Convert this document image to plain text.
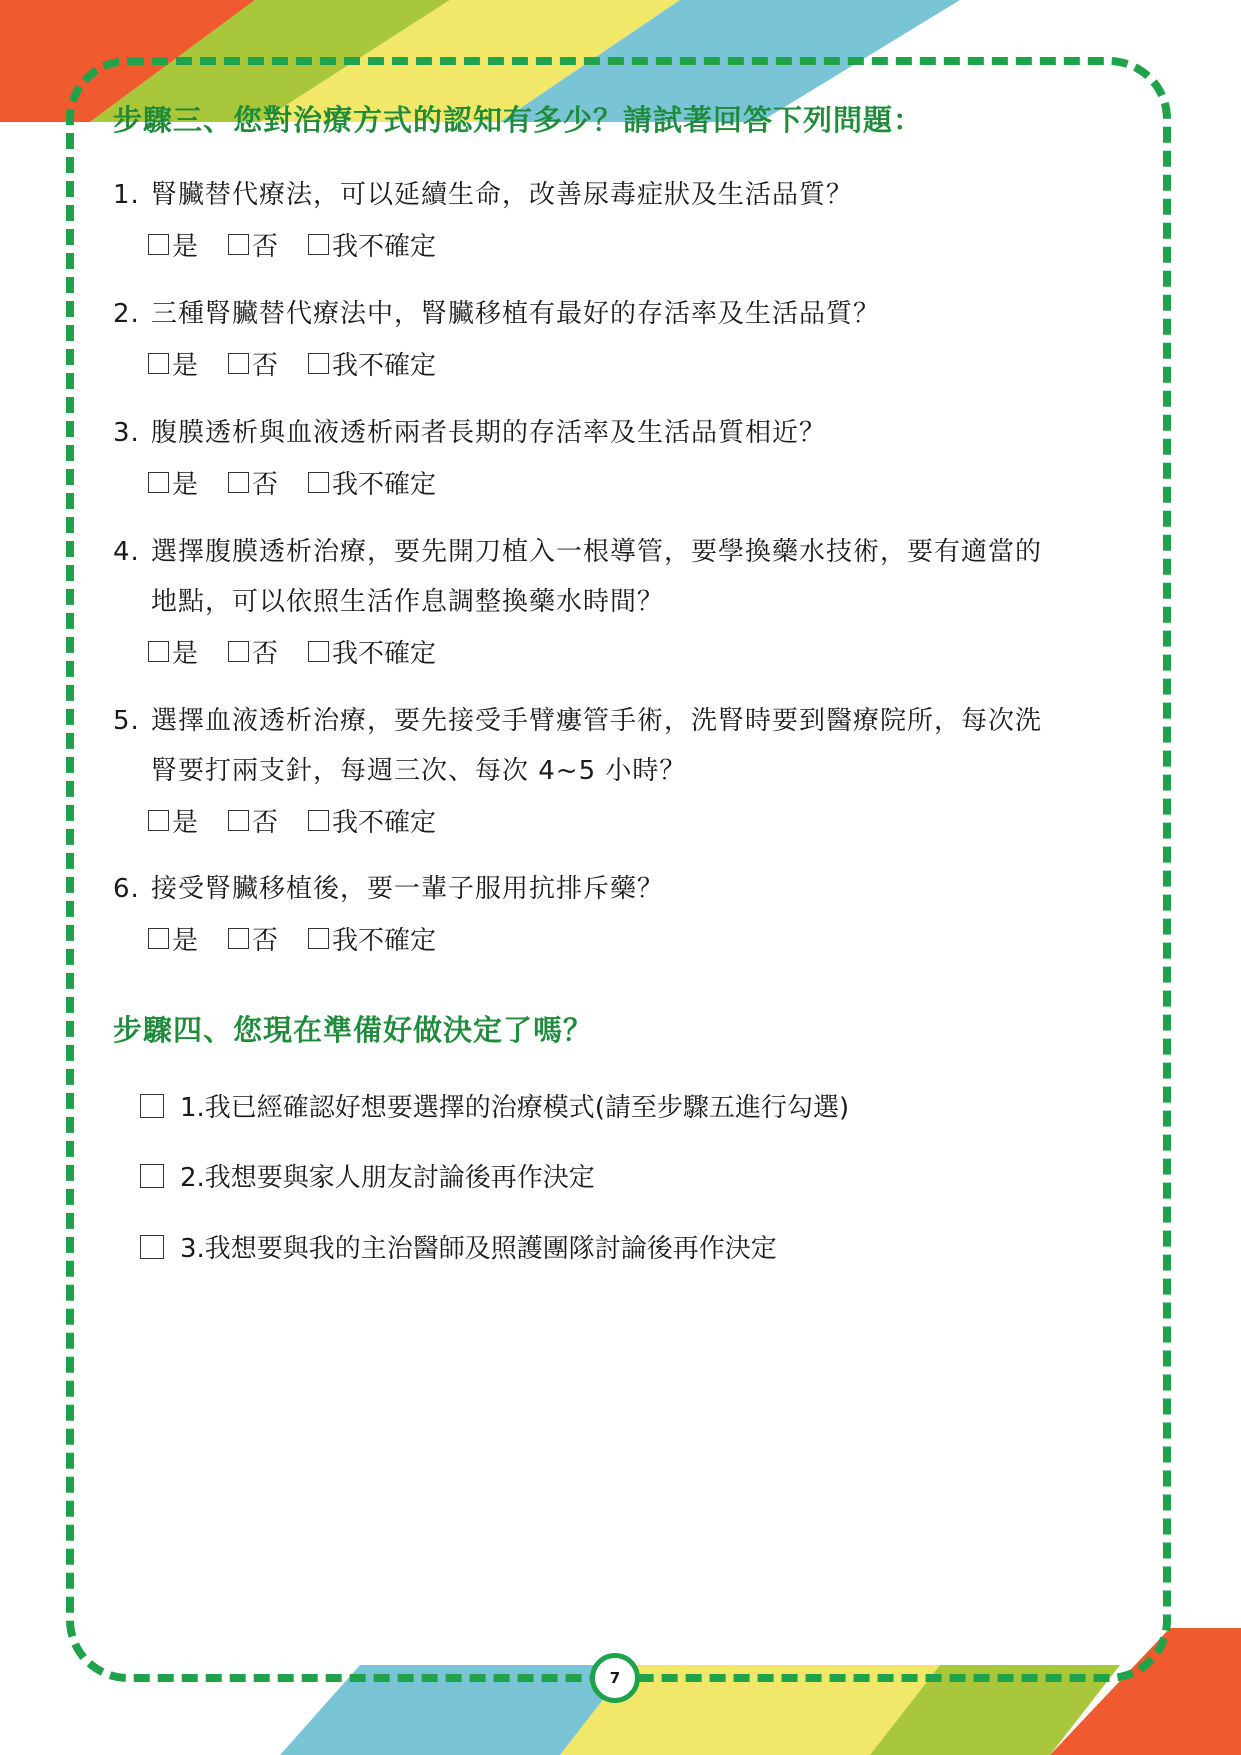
步驟三、您對治療方式的認知有多少？請試著回答下列問題：
1. 腎臟替代療法，可以延續生命，改善尿毒症狀及生活品質？
是 否 我不確定
2. 三種腎臟替代療法中，腎臟移植有最好的存活率及生活品質？
是 否 我不確定
3. 腹膜透析與血液透析兩者長期的存活率及生活品質相近？
是 否 我不確定
4. 選擇腹膜透析治療，要先開刀植入一根導管，要學換藥水技術，要有適當的
地點，可以依照生活作息調整換藥水時間？
是 否 我不確定
5. 選擇血液透析治療，要先接受手臂瘻管手術，洗腎時要到醫療院所，每次洗
腎要打兩支針，每週三次、每次 4~5 小時？
是 否 我不確定
6. 接受腎臟移植後，要一輩子服用抗排斥藥？
是 否 我不確定
步驟四、您現在準備好做決定了嗎？
1.我已經確認好想要選擇的治療模式(請至步驟五進行勾選)
2.我想要與家人朋友討論後再作決定
3.我想要與我的主治醫師及照護團隊討論後再作決定
7
